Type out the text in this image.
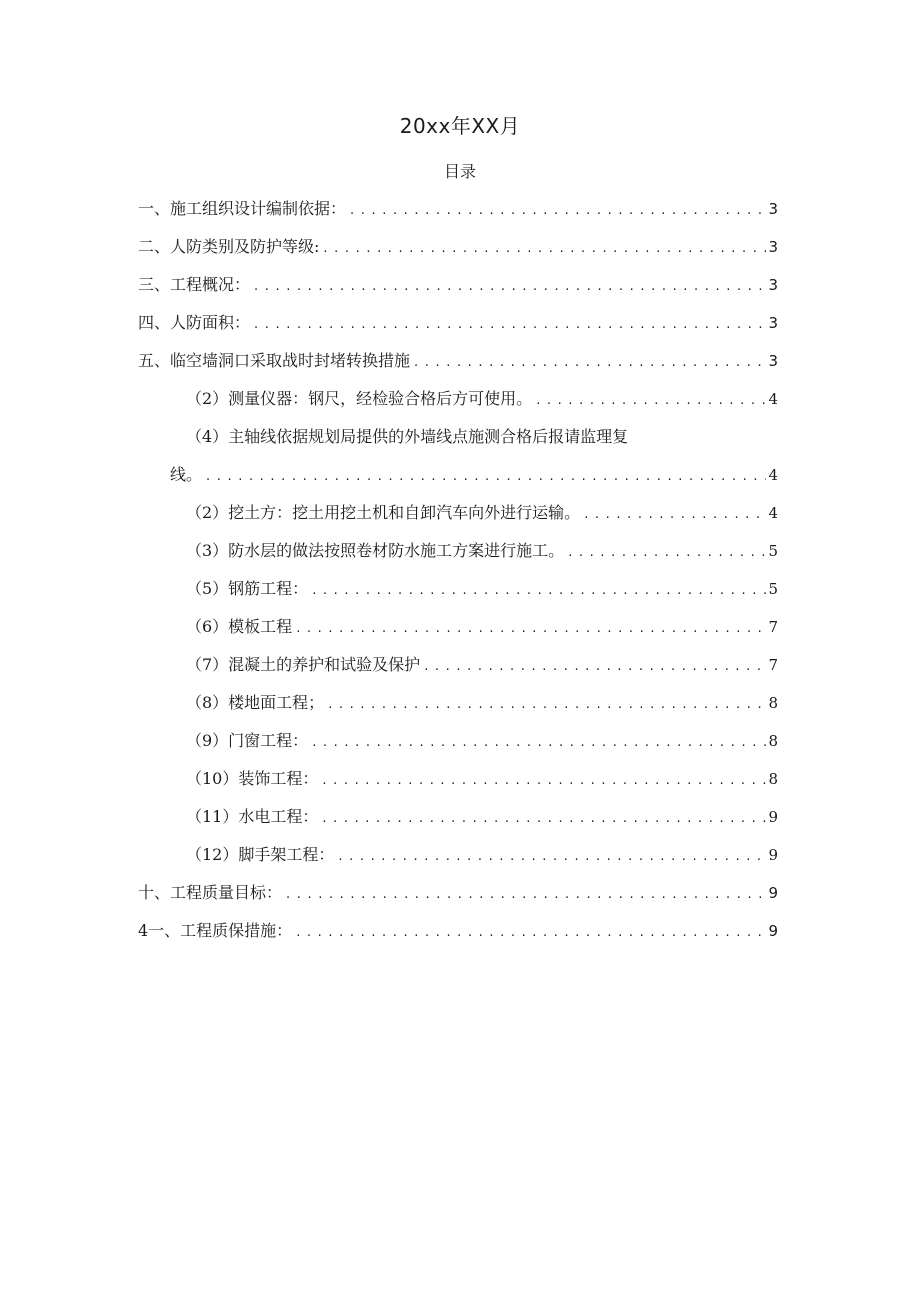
20xx年XX月
目录
一、施工组织设计编制依据： .....	3
二、人防类别及防护等级: .....	3
三、工程概况： .....	3
四、人防面积： .....	3
五、临空墙洞口采取战时封堵转换措施 .....	3
（2）测量仪器：钢尺，经检验合格后方可使用。 .....	4
（4）主轴线依据规划局提供的外墙线点施测合格后报请监理复
线。 .....	4
（2）挖土方：挖土用挖土机和自卸汽车向外进行运输。 .....	4
（3）防水层的做法按照卷材防水施工方案进行施工。 .....	5
（5）钢筋工程： .....	5
（6）模板工程 .....	7
（7）混凝土的养护和试验及保护 .....	7
（8）楼地面工程； .....	8
（9）门窗工程： .....	8
（10）装饰工程： .....	8
（11）水电工程： .....	9
（12）脚手架工程： .....	9
十、工程质量目标： .....	9
4一、工程质保措施： .....	9
